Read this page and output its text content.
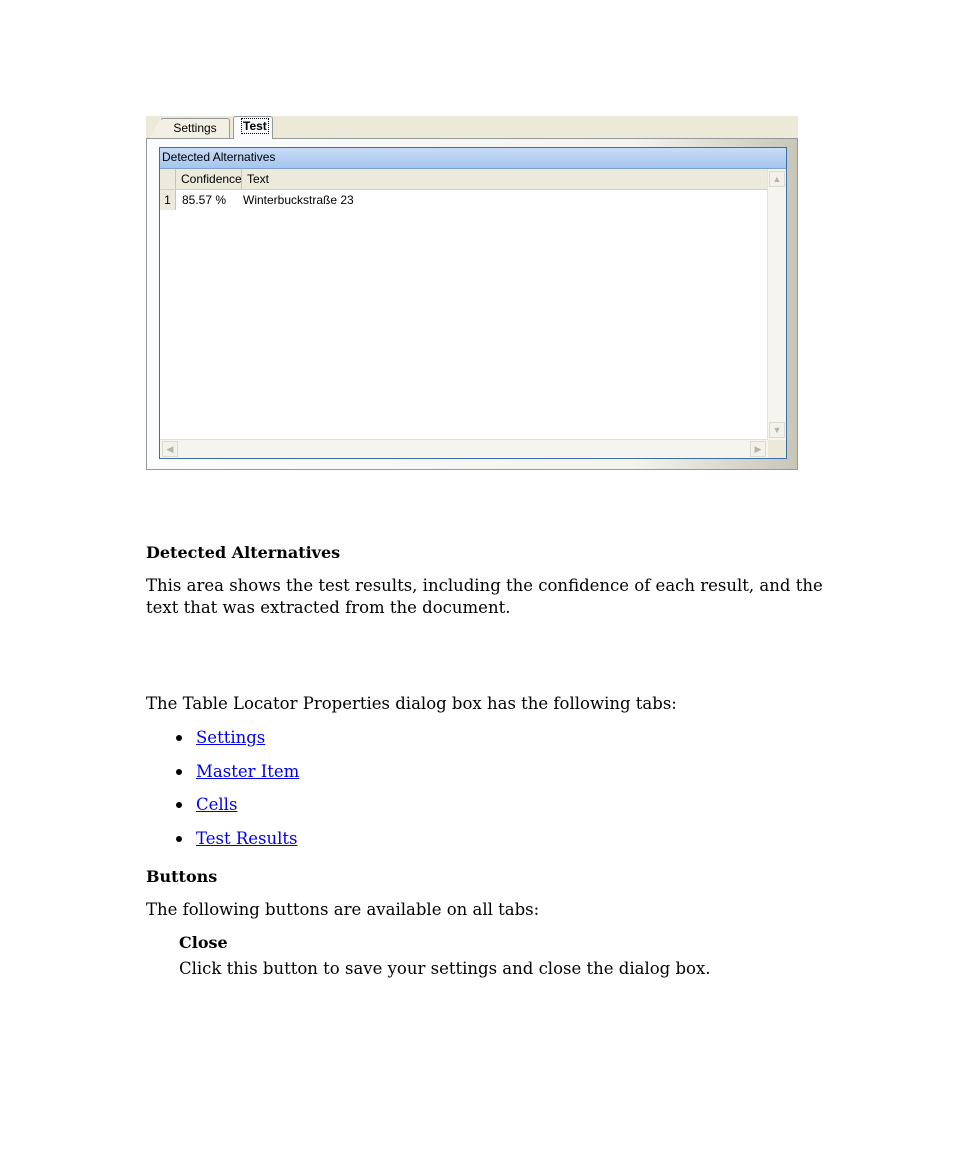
Settings	Test
Detected Alternatives
Confidence Text
1 85.57 % Winterbuckstraße 23
▲
▼
◀	▶
Detected Alternatives
This area shows the test results, including the confidence of each result, and the text that was extracted from the document.
The Table Locator Properties dialog box has the following tabs:
Settings
Master Item
Cells
Test Results
Buttons
The following buttons are available on all tabs:
Close
Click this button to save your settings and close the dialog box.
